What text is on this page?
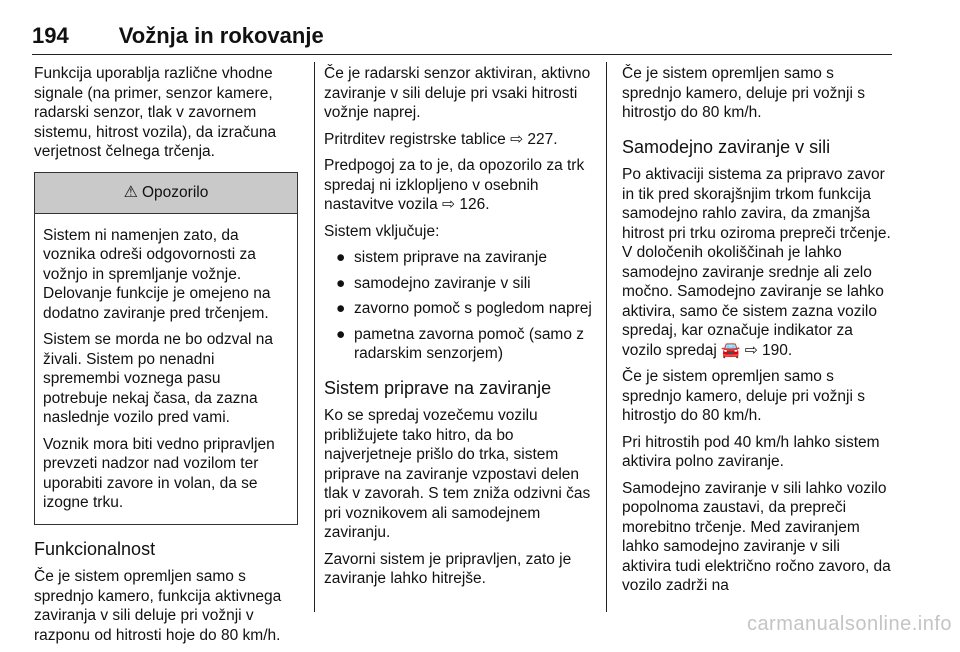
194 Vožnja in rokovanje

Funkcija uporablja različne vhodne signale (na primer, senzor kamere, radarski senzor, tlak v zavornem sistemu, hitrost vozila), da izračuna verjetnost čelnega trčenja.

⚠ Opozorilo

Sistem ni namenjen zato, da voznika odreši odgovornosti za vožnjo in spremljanje vožnje. Delovanje funkcije je omejeno na dodatno zaviranje pred trčenjem.

Sistem se morda ne bo odzval na živali. Sistem po nenadni spremembi voznega pasu potrebuje nekaj časa, da zazna naslednje vozilo pred vami.

Voznik mora biti vedno pripravljen prevzeti nadzor nad vozilom ter uporabiti zavore in volan, da se izogne trku.

Funkcionalnost

Če je sistem opremljen samo s sprednjo kamero, funkcija aktivnega zaviranja v sili deluje pri vožnji v razponu od hitrosti hoje do 80 km/h.

Če je radarski senzor aktiviran, aktivno zaviranje v sili deluje pri vsaki hitrosti vožnje naprej.

Pritrditev registrske tablice ⇨ 227.

Predpogoj za to je, da opozorilo za trk spredaj ni izklopljeno v osebnih nastavitve vozila ⇨ 126.

Sistem vključuje:

● sistem priprave na zaviranje
● samodejno zaviranje v sili
● zavorno pomoč s pogledom naprej
● pametna zavorna pomoč (samo z radarskim senzorjem)
Sistem priprave na zaviranje

Ko se spredaj vozečemu vozilu približujete tako hitro, da bo najverjetneje prišlo do trka, sistem priprave na zaviranje vzpostavi delen tlak v zavorah. S tem zniža odzivni čas pri voznikovem ali samodejnem zaviranju.

Zavorni sistem je pripravljen, zato je zaviranje lahko hitrejše.

Če je sistem opremljen samo s sprednjo kamero, deluje pri vožnji s hitrostjo do 80 km/h.

Samodejno zaviranje v sili

Po aktivaciji sistema za pripravo zavor in tik pred skorajšnjim trkom funkcija samodejno rahlo zavira, da zmanjša hitrost pri trku oziroma prepreči trčenje. V določenih okoliščinah je lahko samodejno zaviranje srednje ali zelo močno. Samodejno zaviranje se lahko aktivira, samo če sistem zazna vozilo spredaj, kar označuje indikator za vozilo spredaj 🚘 ⇨ 190.

Če je sistem opremljen samo s sprednjo kamero, deluje pri vožnji s hitrostjo do 80 km/h.

Pri hitrostih pod 40 km/h lahko sistem aktivira polno zaviranje.

Samodejno zaviranje v sili lahko vozilo popolnoma zaustavi, da prepreči morebitno trčenje. Med zaviranjem lahko samodejno zaviranje v sili aktivira tudi električno ročno zavoro, da vozilo zadrži na

carmanualsonline.info
